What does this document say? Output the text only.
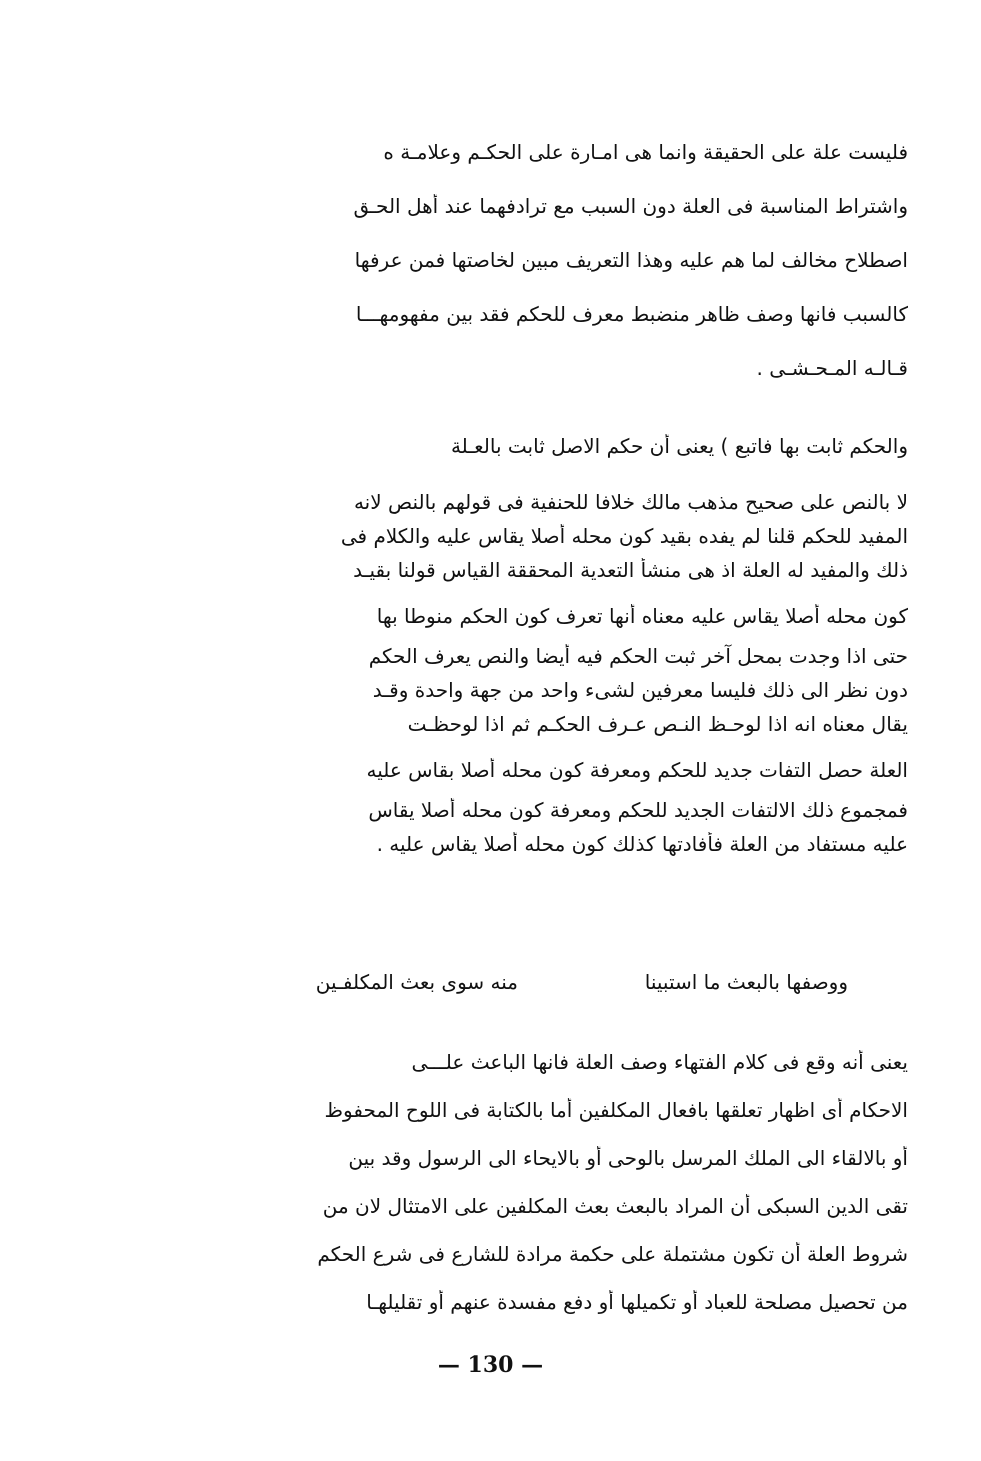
فليست علة على الحقيقة وانما هى امـارة على الحكـم وعلامـة ه
واشتراط المناسبة فى العلة دون السبب مع ترادفهما عند أهل الحـق
اصطلاح مخالف لما هم عليه وهذا التعريف مبين لخاصتها فمن عرفها
كالسبب فانها وصف ظاهر منضبط معرف للحكم فقد بين مفهومهـــا
قـالـه المـحـشـى .
والحكم ثابت بها فاتبع ) يعنى أن حكم الاصل ثابت بالعـلة
لا بالنص على صحيح مذهب مالك خلافا للحنفية فى قولهم بالنص لانه
المفيد للحكم قلنا لم يفده بقيد كون محله أصلا يقاس عليه والكلام فى
ذلك والمفيد له العلة اذ هى منشأ التعدية المحققة القياس قولنا بقيـد
كون محله أصلا يقاس عليه معناه أنها تعرف كون الحكم منوطا بها
حتى اذا وجدت بمحل آخر ثبت الحكم فيه أيضا والنص يعرف الحكم
دون نظر الى ذلك فليسا معرفين لشىء واحد من جهة واحدة وقـد
يقال معناه انه اذا لوحـظ النـص عـرف الحكـم ثم اذا لوحظـت
العلة حصل التفات جديد للحكم ومعرفة كون محله أصلا بقاس عليه
فمجموع ذلك الالتفات الجديد للحكم ومعرفة كون محله أصلا يقاس
عليه مستفاد من العلة فأفادتها كذلك كون محله أصلا يقاس عليه .
ووصفها بالبعث ما استبينا
منه سوى بعث المكلفـين
يعنى أنه وقع فى كلام الفتهاء وصف العلة فانها الباعث علـــى
الاحكام أى اظهار تعلقها بافعال المكلفين أما بالكتابة فى اللوح المحفوظ
أو بالالقاء الى الملك المرسل بالوحى أو بالايحاء الى الرسول وقد بين
تقى الدين السبكى أن المراد بالبعث بعث المكلفين على الامتثال لان من
شروط العلة أن تكون مشتملة على حكمة مرادة للشارع فى شرع الحكم
من تحصيل مصلحة للعباد أو تكميلها أو دفع مفسدة عنهم أو تقليلهـا
— 130 —
